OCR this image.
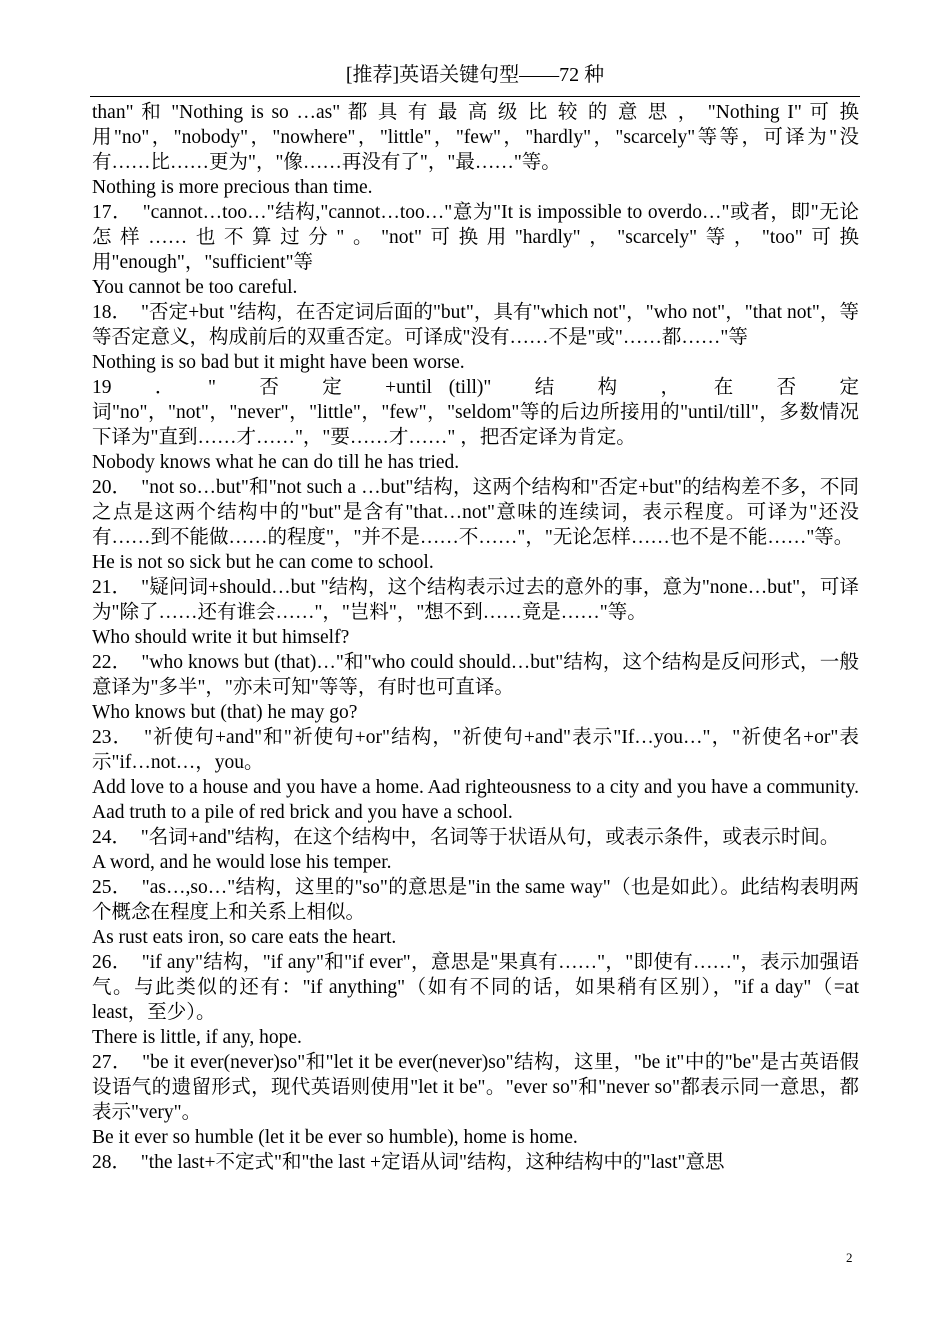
[推荐]英语关键句型——72 种

than" 和 "Nothing is so …as" 都 具 有 最 高 级 比 较 的 意 思 ， "Nothing I" 可 换 用"no"，"nobody"，"nowhere"，"little"，"few"，"hardly"，"scarcely"等等，可译为"没有……比……更为"，"像……再没有了"，"最……"等。

Nothing is more precious than time.

17．　"cannot…too…"结构,"cannot…too…"意为"It is impossible to overdo…"或者，即"无论怎样……也不算过分"。"not"可换用"hardly"，"scarcely"等，"too"可换用"enough"，"sufficient"等

You cannot be too careful.

18．　"否定+but "结构，在否定词后面的"but"，具有"which not"，"who not"，"that not"，等等否定意义，构成前后的双重否定。可译成"没有……不是"或"……都……"等

Nothing is so bad but it might have been worse.

19　．　"　否　定　+until (till)"　结　构　，　在　否　定 词"no"，"not"，"never"，"little"，"few"，"seldom"等的后边所接用的"until/till"，多数情况下译为"直到……才……"，"要……才……" ，把否定译为肯定。

Nobody knows what he can do till he has tried.

20．　"not so…but"和"not such a …but"结构，这两个结构和"否定+but"的结构差不多，不同之点是这两个结构中的"but"是含有"that…not"意味的连续词，表示程度。可译为"还没有……到不能做……的程度"，"并不是……不……"，"无论怎样……也不是不能……"等。

He is not so sick but he can come to school.

21．　"疑问词+should…but "结构，这个结构表示过去的意外的事，意为"none…but"，可译为"除了……还有谁会……"，"岂料"，"想不到……竟是……"等。

Who should write it but himself?

22．　"who knows but (that)…"和"who could should…but"结构，这个结构是反问形式，一般意译为"多半"，"亦未可知"等等，有时也可直译。

Who knows but (that) he may go?

23．　"祈使句+and"和"祈使句+or"结构，"祈使句+and"表示"If…you…"，"祈使名+or"表示"if…not…，you。

Add love to a house and you have a home. Aad righteousness to a city and you have a community. Aad truth to a pile of red brick and you have a school.

24．　"名词+and"结构，在这个结构中，名词等于状语从句，或表示条件，或表示时间。

A word, and he would lose his temper.

25．　"as…,so…"结构，这里的"so"的意思是"in the same way"（也是如此）。此结构表明两个概念在程度上和关系上相似。

As rust eats iron, so care eats the heart.

26．　"if any"结构，"if any"和"if ever"，意思是"果真有……"，"即使有……"，表示加强语气。与此类似的还有："if anything"（如有不同的话，如果稍有区别），"if a day"（=at least，至少）。

There is little, if any, hope.

27．　"be it ever(never)so"和"let it be ever(never)so"结构，这里，"be it"中的"be"是古英语假设语气的遗留形式，现代英语则使用"let it be"。"ever so"和"never so"都表示同一意思，都表示"very"。

Be it ever so humble (let it be ever so humble), home is home.

28．　"the last+不定式"和"the last +定语从词"结构，这种结构中的"last"意思

2
